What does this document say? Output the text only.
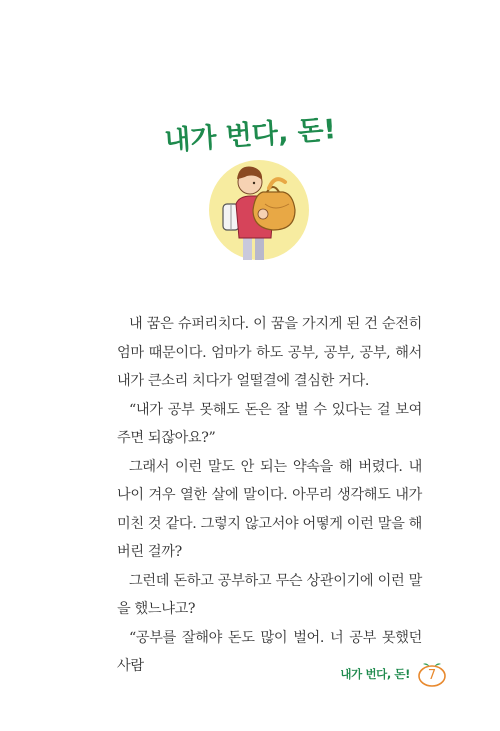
내가 번다, 돈!

내 꿈은 슈퍼리치다. 이 꿈을 가지게 된 건 순전히 엄마 때문이다. 엄마가 하도 공부, 공부, 공부, 해서 내가 큰소리 치다가 얼떨결에 결심한 거다.

“내가 공부 못해도 돈은 잘 벌 수 있다는 걸 보여 주면 되잖아요?”

그래서 이런 말도 안 되는 약속을 해 버렸다. 내 나이 겨우 열한 살에 말이다. 아무리 생각해도 내가 미친 것 같다. 그렇지 않고서야 어떻게 이런 말을 해 버린 걸까?

그런데 돈하고 공부하고 무슨 상관이기에 이런 말을 했느냐고?

“공부를 잘해야 돈도 많이 벌어. 너 공부 못했던 사람	내가 번다, 돈!	7
